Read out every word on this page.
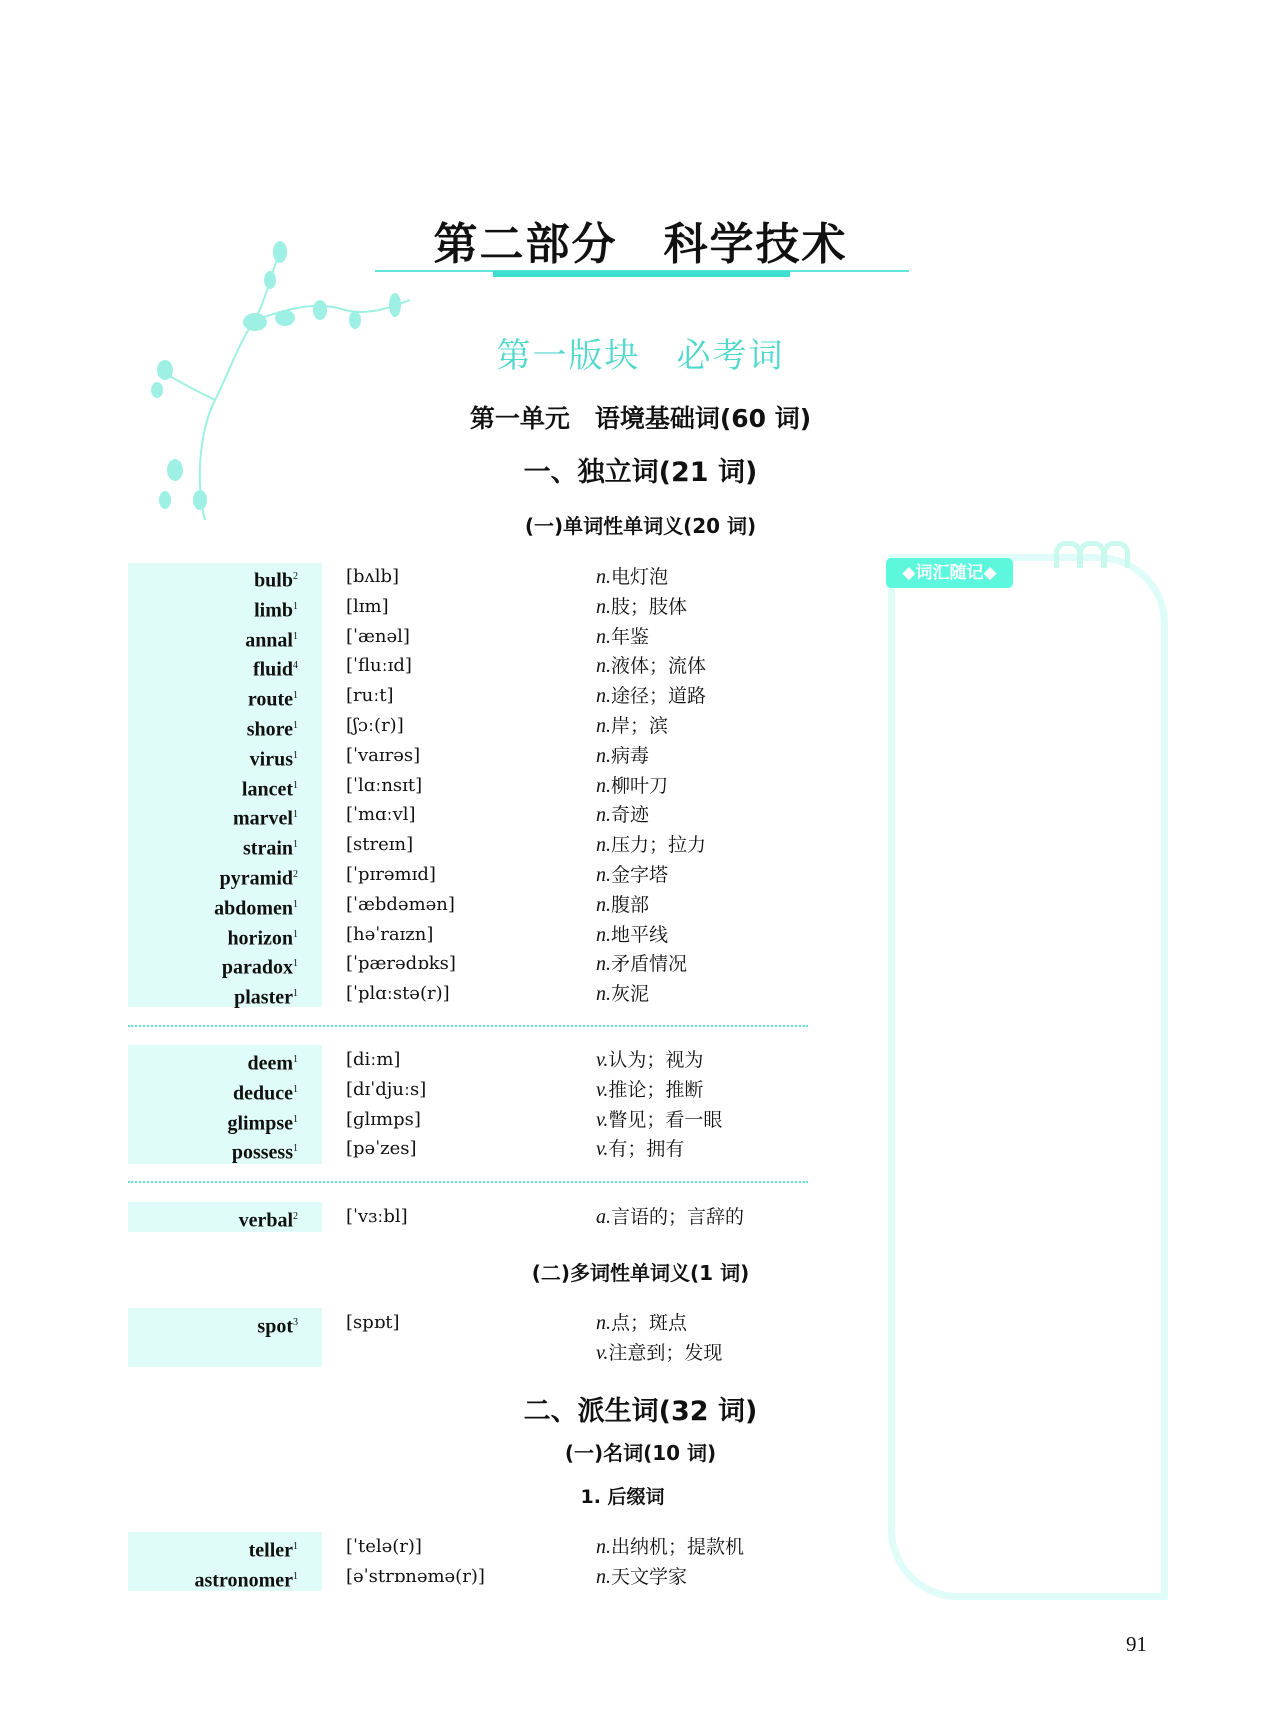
第二部分　科学技术
第一版块　必考词
第一单元　语境基础词(60 词)
一、独立词(21 词)
(一)单词性单词义(20 词)
bulb$^2$	[bʌlb]	n.电灯泡
limb$^1$	[lɪm]	n.肢；肢体
annal$^1$	[ˈænəl]	n.年鉴
fluid$^4$	[ˈfluːɪd]	n.液体；流体
route$^1$	[ruːt]	n.途径；道路
shore$^1$	[ʃɔː(r)]	n.岸；滨
virus$^1$	[ˈvaɪrəs]	n.病毒
lancet$^1$	[ˈlɑːnsɪt]	n.柳叶刀
marvel$^1$	[ˈmɑːvl]	n.奇迹
strain$^1$	[streɪn]	n.压力；拉力
pyramid$^2$	[ˈpɪrəmɪd]	n.金字塔
abdomen$^1$	[ˈæbdəmən]	n.腹部
horizon$^1$	[həˈraɪzn]	n.地平线
paradox$^1$	[ˈpærədɒks]	n.矛盾情况
plaster$^1$	[ˈplɑːstə(r)]	n.灰泥
deem$^1$	[diːm]	v.认为；视为
deduce$^1$	[dɪˈdjuːs]	v.推论；推断
glimpse$^1$	[ɡlɪmps]	v.瞥见；看一眼
possess$^1$	[pəˈzes]	v.有；拥有
verbal$^2$	[ˈvɜːbl]	a.言语的；言辞的
(二)多词性单词义(1 词)
spot$^3$	[spɒt]	n.点；斑点
v.注意到；发现
二、派生词(32 词)
(一)名词(10 词)
1. 后缀词
teller$^1$	[ˈtelə(r)]	n.出纳机；提款机
astronomer$^1$	[əˈstrɒnəmə(r)]	n.天文学家
◆词汇随记◆
91
